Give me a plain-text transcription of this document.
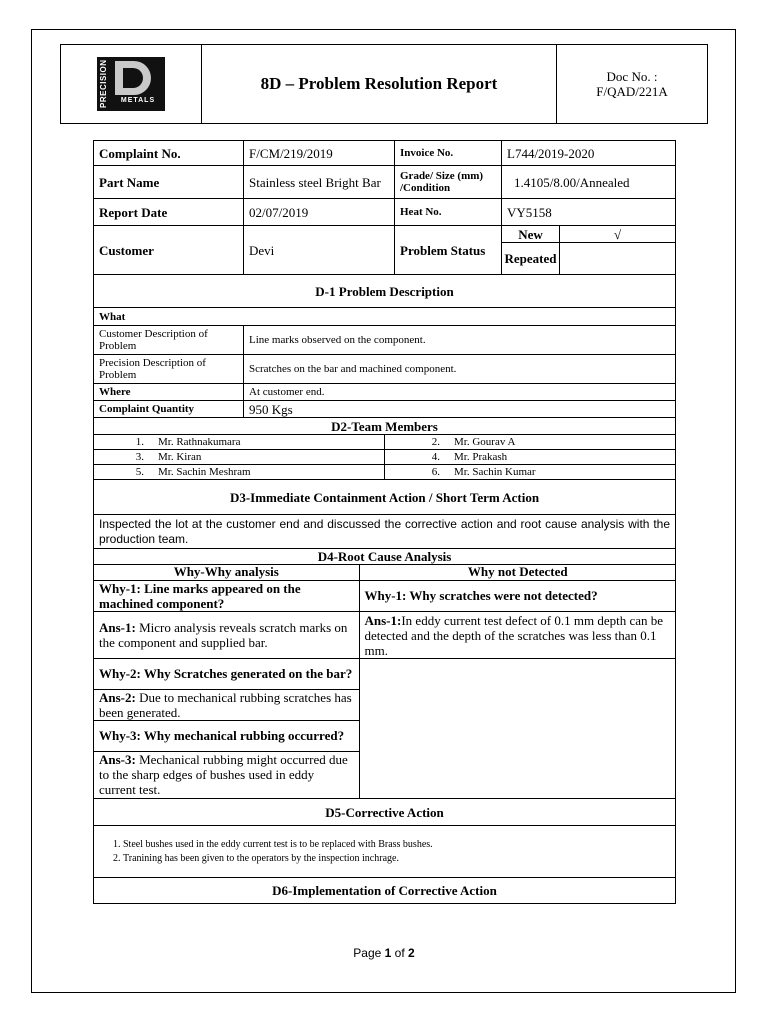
PRECISION	METALS
8D – Problem Resolution Report	Doc No. :
F/QAD/221A
Complaint No.	F/CM/219/2019	Invoice No.	L744/2019-2020
Part Name	Stainless steel Bright Bar	Grade/ Size (mm) /Condition	1.4105/8.00/Annealed
Report Date	02/07/2019	Heat No.	VY5158
Customer	Devi	Problem Status	New	√
Repeated	
D-1 Problem Description
What
Customer Description of Problem	Line marks observed on the component.
Precision Description of Problem	Scratches on the bar and machined component.
Where	At customer end.
Complaint Quantity	950 Kgs
D2-Team Members

1. Mr. Rathnakumara	2. Mr. Gourav A
3. Mr. Kiran	4. Mr. Prakash
5. Mr. Sachin Meshram	6. Mr. Sachin Kumar

D3-Immediate Containment Action / Short Term Action
Inspected the lot at the customer end and discussed the corrective action and root cause analysis with the production team.
D4-Root Cause Analysis

Why-Why analysis	Why not Detected
Why-1: Line marks appeared on the machined component?	Why-1: Why scratches were not detected?
Ans-1: Micro analysis reveals scratch marks on the component and supplied bar.	Ans-1:In eddy current test defect of 0.1 mm depth can be detected and the depth of the scratches was less than 0.1 mm.
Why-2: Why Scratches generated on the bar?	
Ans-2: Due to mechanical rubbing scratches has been generated.
Why-3: Why mechanical rubbing occurred?
Ans-3: Mechanical rubbing might occurred due to the sharp edges of bushes used in eddy current test.

D5-Corrective Action

1. Steel bushes used in the eddy current test is to be replaced with Brass bushes.
2. Tranining has been given to the operators by the inspection inchrage.

D6-Implementation of Corrective Action
Page 1 of 2
